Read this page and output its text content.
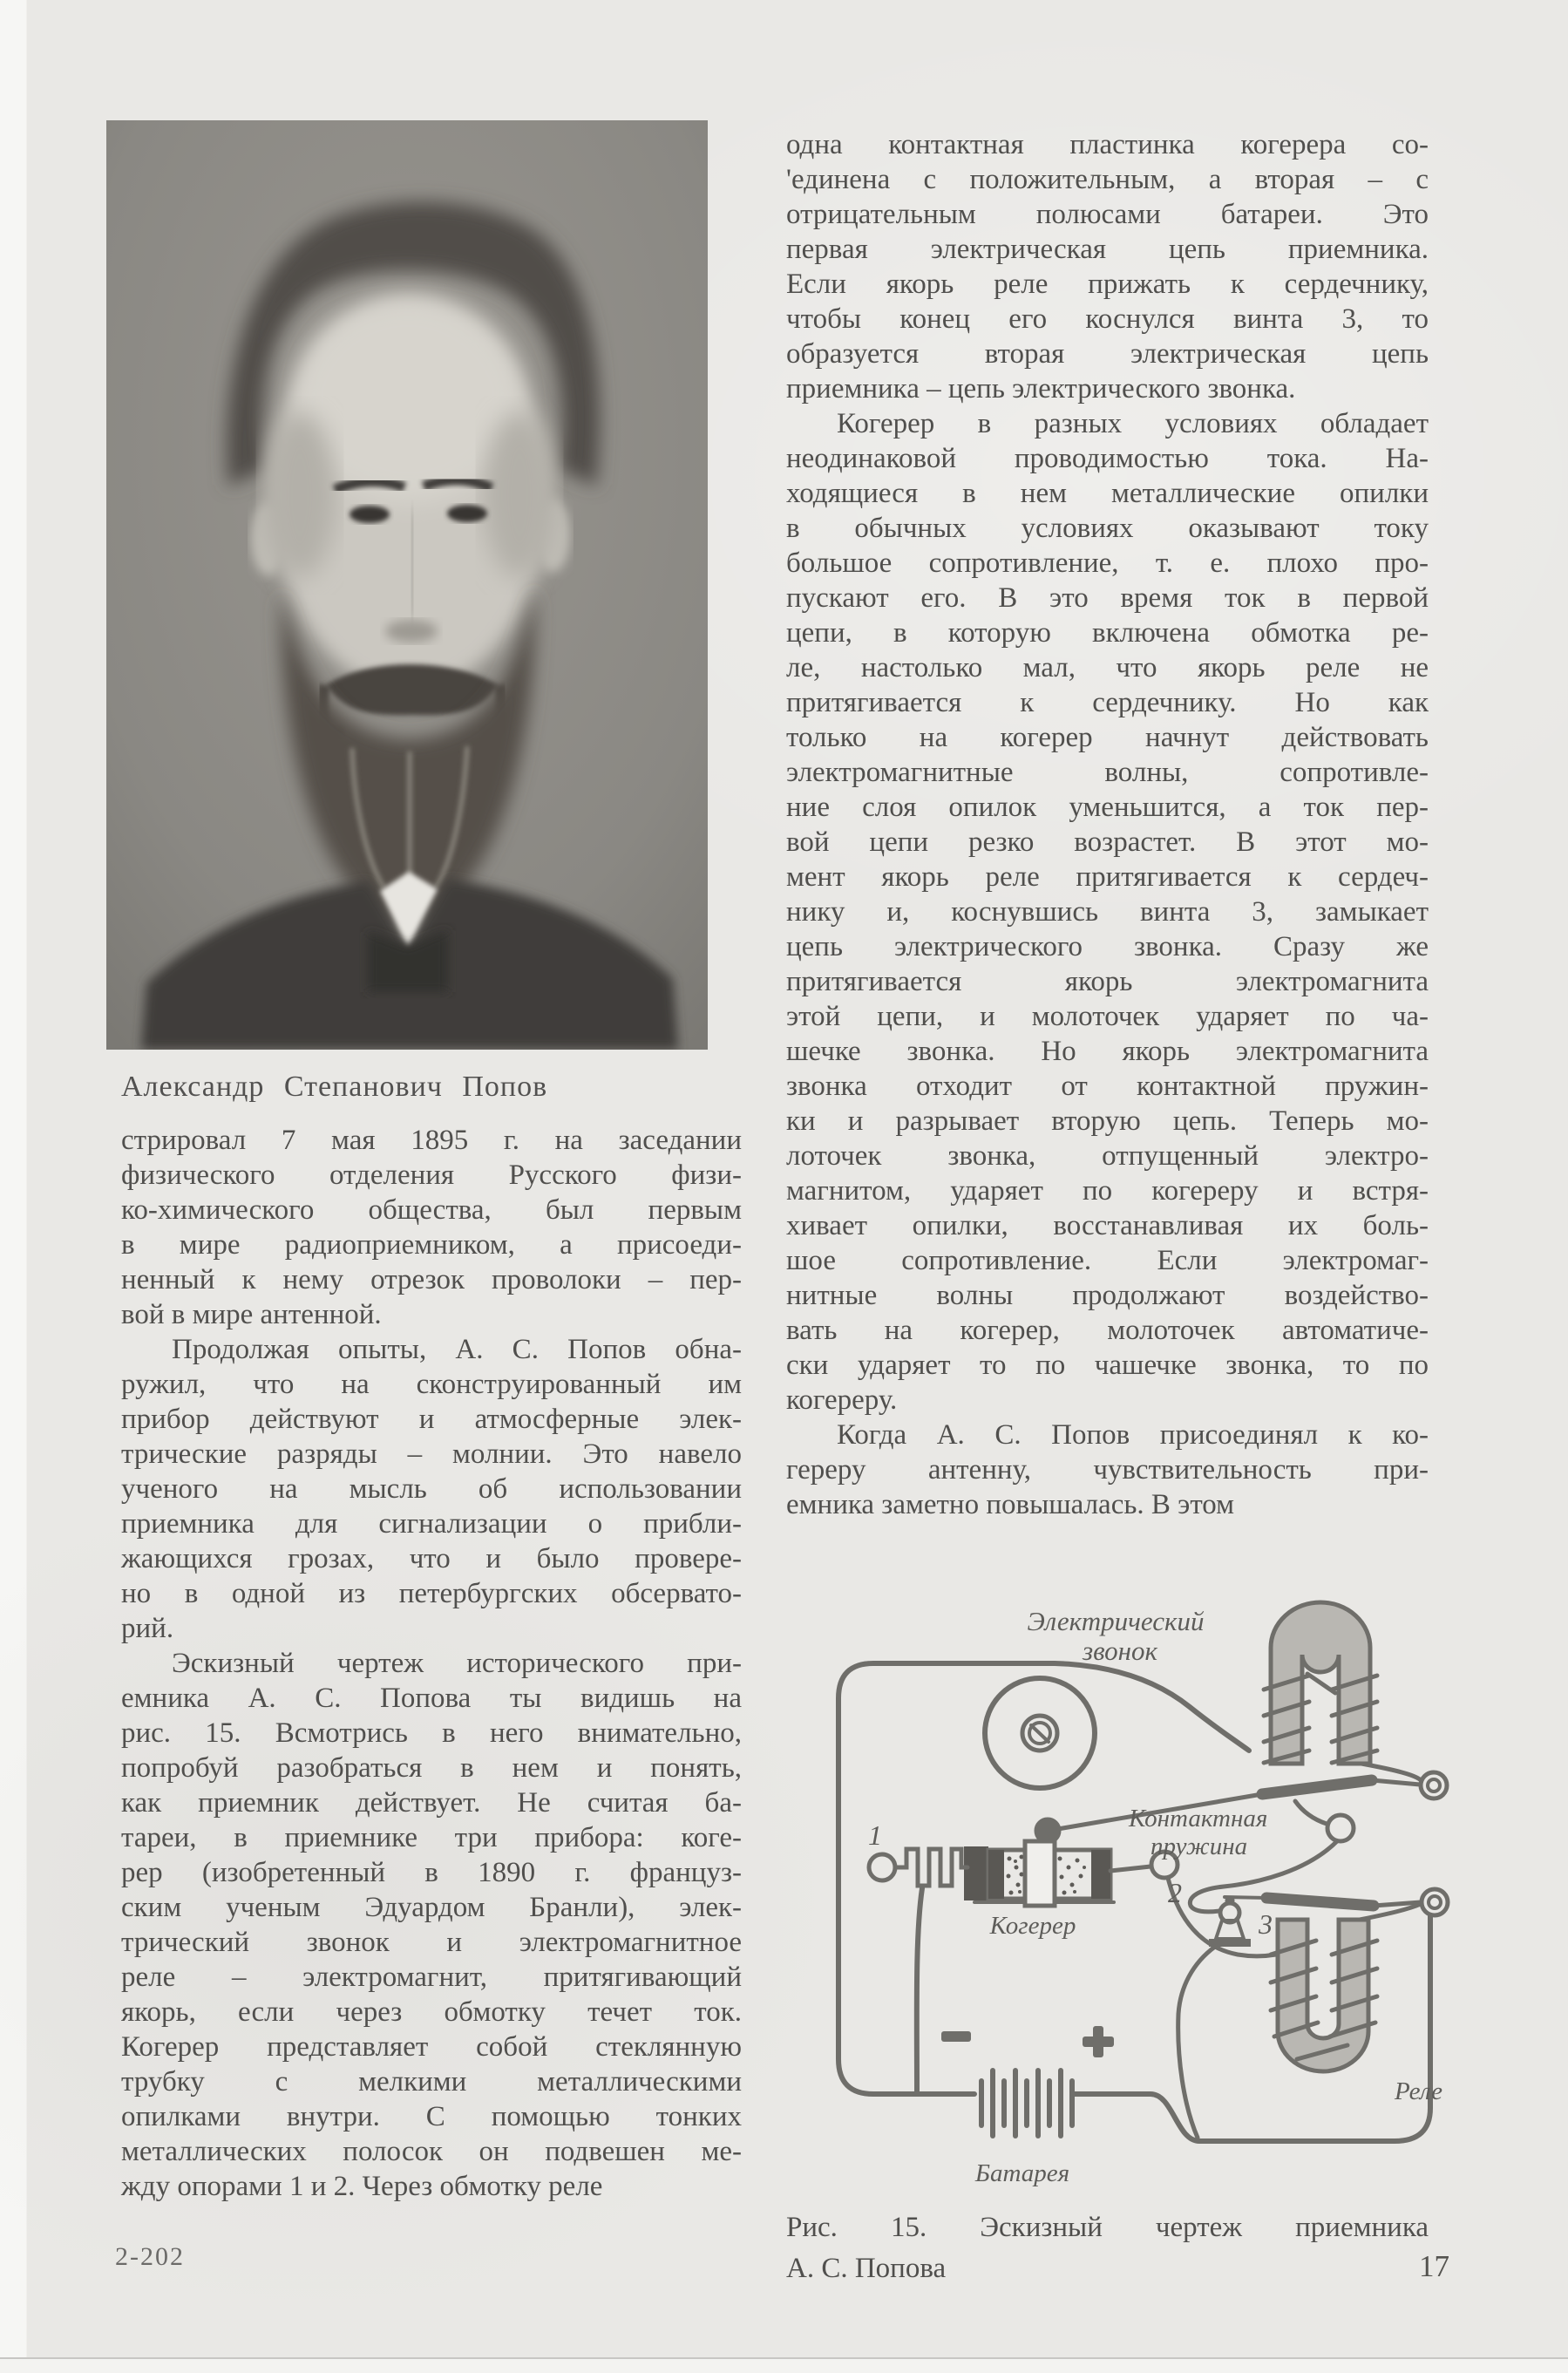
Александр Степанович Попов
стрировал 7 мая 1895 г. на заседании
физического отделения Русского физи-
ко-химического общества, был первым
в мире радиоприемником, а присоеди-
ненный к нему отрезок проволоки – пер-
вой в мире антенной.
Продолжая опыты, А. С. Попов обна-
ружил, что на сконструированный им
прибор действуют и атмосферные элек-
трические разряды – молнии. Это навело
ученого на мысль об использовании
приемника для сигнализации о прибли-
жающихся грозах, что и было провере-
но в одной из петербургских обсервато-
рий.
Эскизный чертеж исторического при-
емника А. С. Попова ты видишь на
рис. 15. Всмотрись в него внимательно,
попробуй разобраться в нем и понять,
как приемник действует. Не считая ба-
тареи, в приемнике три прибора: коге-
рер (изобретенный в 1890 г. француз-
ским ученым Эдуардом Бранли), элек-
трический звонок и электромагнитное
реле – электромагнит, притягивающий
якорь, если через обмотку течет ток.
Когерер представляет собой стеклянную
трубку с мелкими металлическими
опилками внутри. С помощью тонких
металлических полосок он подвешен ме-
жду опорами 1 и 2. Через обмотку реле
одна контактная пластинка когерера со-
'единена с положительным, а вторая – с
отрицательным полюсами батареи. Это
первая электрическая цепь приемника.
Если якорь реле прижать к сердечнику,
чтобы конец его коснулся винта 3, то
образуется вторая электрическая цепь
приемника – цепь электрического звонка.
Когерер в разных условиях обладает
неодинаковой проводимостью тока. На-
ходящиеся в нем металлические опилки
в обычных условиях оказывают току
большое сопротивление, т. е. плохо про-
пускают его. В это время ток в первой
цепи, в которую включена обмотка ре-
ле, настолько мал, что якорь реле не
притягивается к сердечнику. Но как
только на когерер начнут действовать
электромагнитные волны, сопротивле-
ние слоя опилок уменьшится, а ток пер-
вой цепи резко возрастет. В этот мо-
мент якорь реле притягивается к сердеч-
нику и, коснувшись винта 3, замыкает
цепь электрического звонка. Сразу же
притягивается якорь электромагнита
этой цепи, и молоточек ударяет по ча-
шечке звонка. Но якорь электромагнита
звонка отходит от контактной пружин-
ки и разрывает вторую цепь. Теперь мо-
лоточек звонка, отпущенный электро-
магнитом, ударяет по когереру и встря-
хивает опилки, восстанавливая их боль-
шое сопротивление. Если электромаг-
нитные волны продолжают воздейство-
вать на когерер, молоточек автоматиче-
ски ударяет то по чашечке звонка, то по
когереру.
Когда А. С. Попов присоединял к ко-
гереру антенну, чувствительность при-
емника заметно повышалась. В этом
Электрический
звонок
Контактная
пружина
Когерер
Батарея
Реле
1
2
3
Рис. 15. Эскизный чертеж приемника
А. С. Попова
2-202	17
